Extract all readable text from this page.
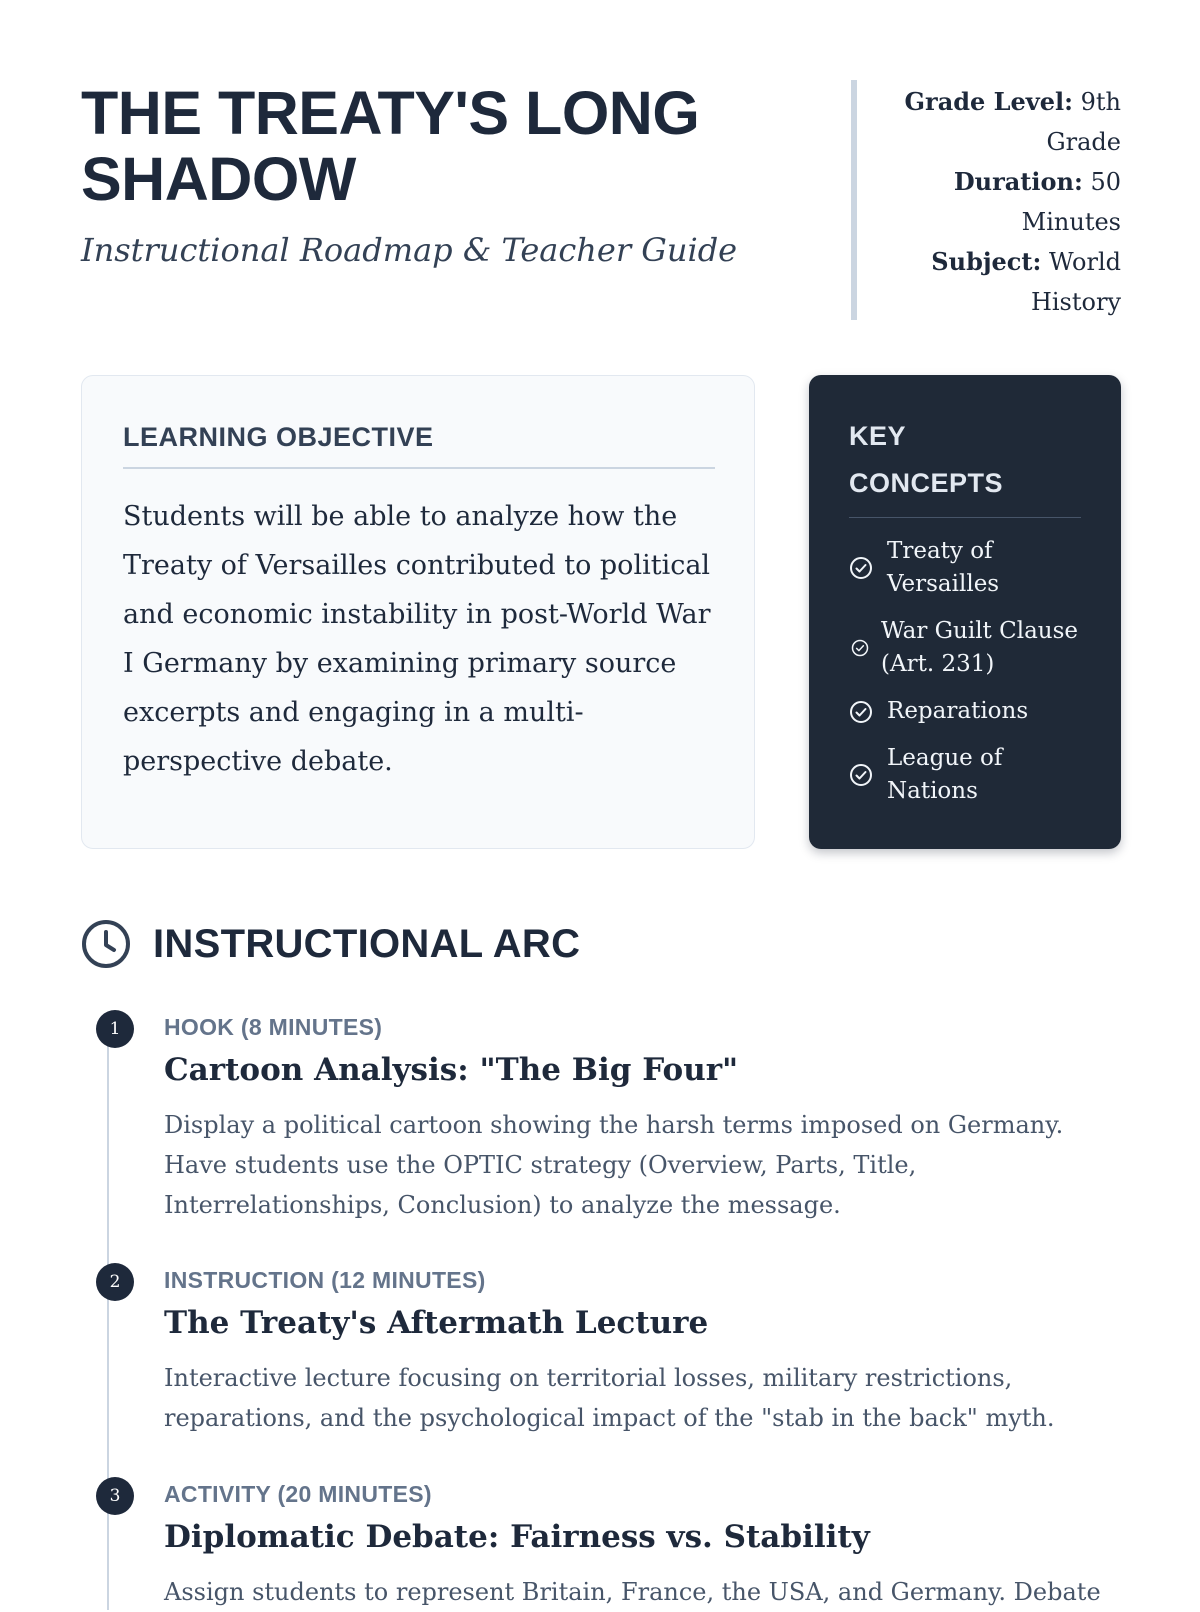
THE TREATY'S LONG SHADOW
Instructional Roadmap & Teacher Guide
Grade Level: 9th Grade
Duration: 50 Minutes
Subject: World History
LEARNING OBJECTIVE
Students will be able to analyze how the Treaty of Versailles contributed to political and economic instability in post-World War I Germany by examining primary source excerpts and engaging in a multi-perspective debate.
KEY
CONCEPTS
Treaty of Versailles
War Guilt Clause (Art. 231)
Reparations
League of Nations
INSTRUCTIONAL ARC
1	HOOK (8 MINUTES)
Cartoon Analysis: "The Big Four"
Display a political cartoon showing the harsh terms imposed on Germany. Have students use the OPTIC strategy (Overview, Parts, Title, Interrelationships, Conclusion) to analyze the message.
2	INSTRUCTION (12 MINUTES)
The Treaty's Aftermath Lecture
Interactive lecture focusing on territorial losses, military restrictions, reparations, and the psychological impact of the "stab in the back" myth.
3	ACTIVITY (20 MINUTES)
Diplomatic Debate: Fairness vs. Stability
Assign students to represent Britain, France, the USA, and Germany. Debate
